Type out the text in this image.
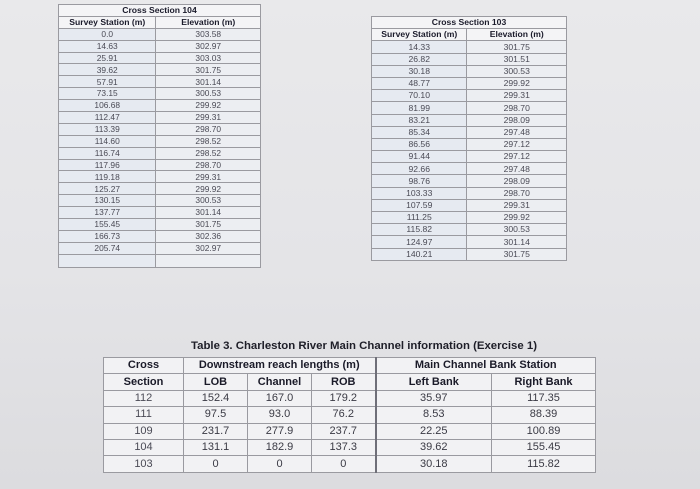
Cross Section 104	
Survey Station (m)	Elevation (m)
0.0	303.58
14.63	302.97
25.91	303.03
39.62	301.75
57.91	301.14
73.15	300.53
106.68	299.92
112.47	299.31
113.39	298.70
114.60	298.52
116.74	298.52
117.96	298.70
119.18	299.31
125.27	299.92
130.15	300.53
137.77	301.14
155.45	301.75
166.73	302.36
205.74	302.97

Cross Section 103	
Survey Station (m)	Elevation (m)
14.33	301.75
26.82	301.51
30.18	300.53
48.77	299.92
70.10	299.31
81.99	298.70
83.21	298.09
85.34	297.48
86.56	297.12
91.44	297.12
92.66	297.48
98.76	298.09
103.33	298.70
107.59	299.31
111.25	299.92
115.82	300.53
124.97	301.14
140.21	301.75
Table 3. Charleston River Main Channel information (Exercise 1)
Cross	Downstream reach lengths (m)			Main Channel Bank Station	
Section	LOB	Channel	ROB	Left Bank	Right Bank
112	152.4	167.0	179.2	35.97	117.35
111	97.5	93.0	76.2	8.53	88.39
109	231.7	277.9	237.7	22.25	100.89
104	131.1	182.9	137.3	39.62	155.45
103	0	0	0	30.18	115.82
